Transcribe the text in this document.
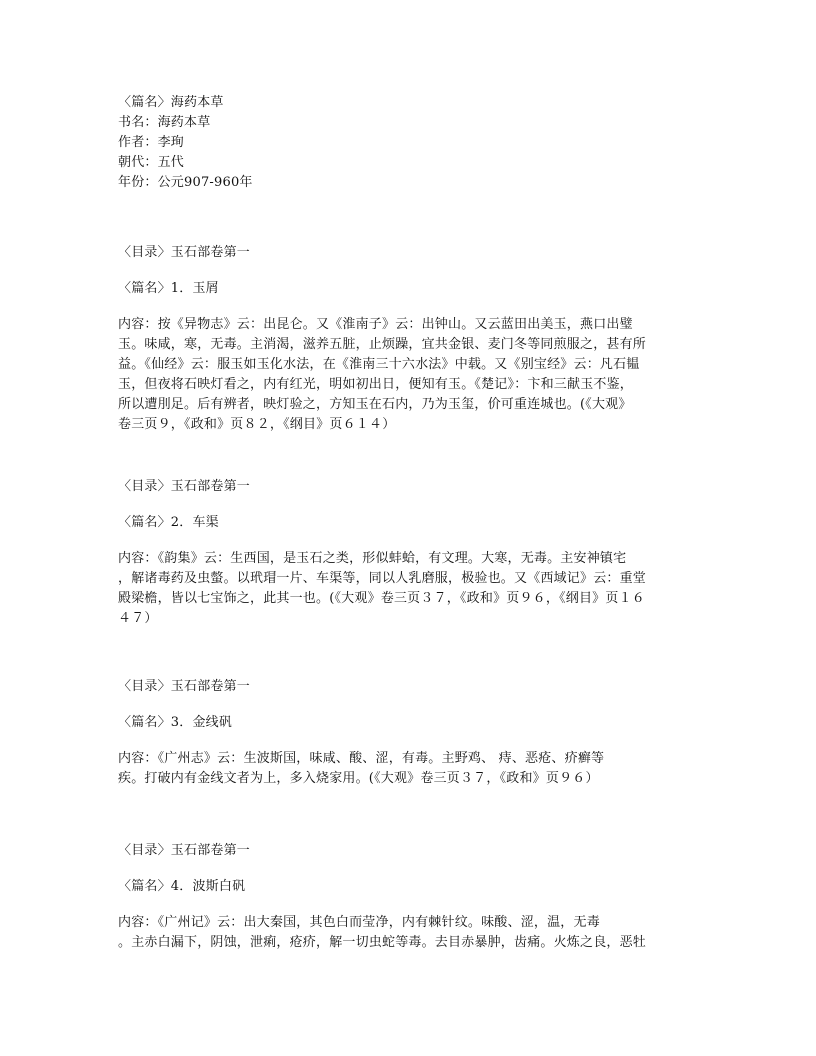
〈篇名〉海药本草
书名：海药本草
作者：李珣
朝代：五代
年份：公元907-960年
〈目录〉玉石部卷第一
〈篇名〉1．玉屑
内容：按《异物志》云：出昆仑。又《淮南子》云：出钟山。又云蓝田出美玉，燕口出璧
玉。味咸，寒，无毒。主消渴，滋养五脏，止烦躁，宜共金银、麦门冬等同煎服之，甚有所
益。《仙经》云：服玉如玉化水法，在《淮南三十六水法》中载。又《别宝经》云：凡石韫
玉，但夜将石映灯看之，内有红光，明如初出日，便知有玉。《楚记》：卞和三献玉不鉴，
所以遭刖足。后有辨者，映灯验之，方知玉在石内，乃为玉玺，价可重连城也。(《大观》
卷三页９，《政和》页８２，《纲目》页６１４）
〈目录〉玉石部卷第一
〈篇名〉2．车渠
内容：《韵集》云：生西国，是玉石之类，形似蚌蛤，有文理。大寒，无毒。主安神镇宅
，解诸毒药及虫螫。以玳瑁一片、车渠等，同以人乳磨服，极验也。又《西域记》云：重堂
殿梁檐，皆以七宝饰之，此其一也。(《大观》卷三页３７，《政和》页９６，《纲目》页１６
４７）
〈目录〉玉石部卷第一
〈篇名〉3．金线矾
内容：《广州志》云：生波斯国，味咸、酸、涩，有毒。主野鸡、 痔、恶疮、疥癣等
疾。打破内有金线文者为上，多入烧家用。(《大观》卷三页３７，《政和》页９６）
〈目录〉玉石部卷第一
〈篇名〉4．波斯白矾
内容：《广州记》云：出大秦国，其色白而莹净，内有棘针纹。味酸、涩，温，无毒
。主赤白漏下，阴蚀，泄痢，疮疥，解一切虫蛇等毒。去目赤暴肿，齿痛。火炼之良，恶牡
